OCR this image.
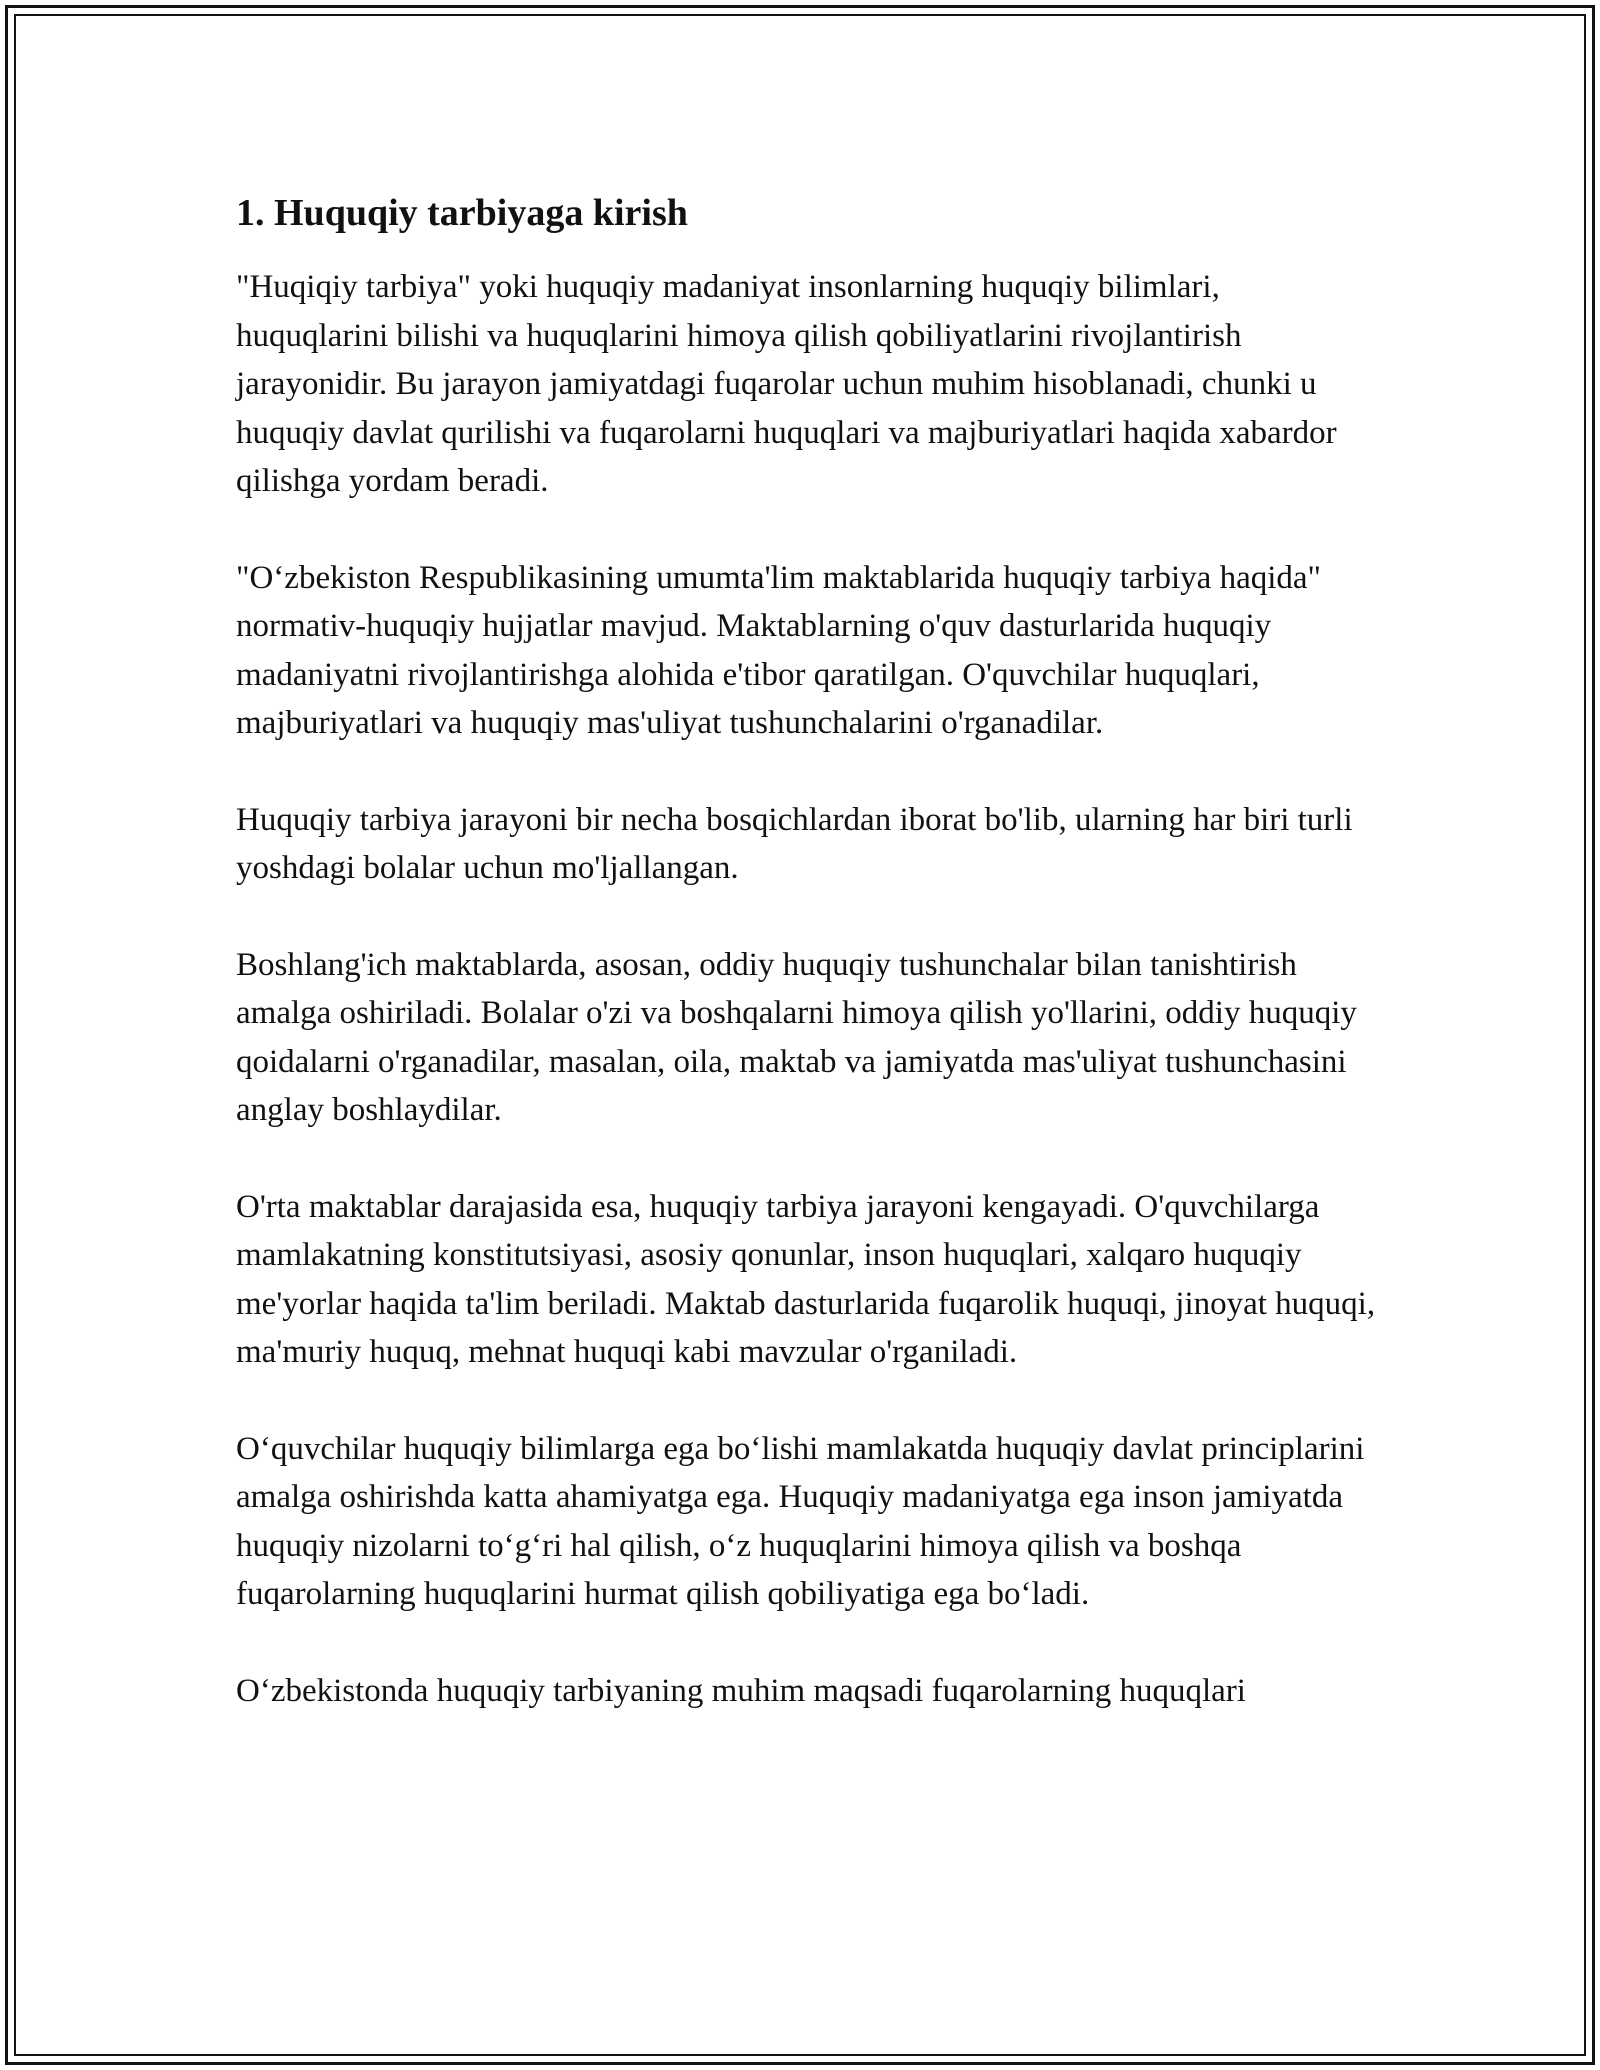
1. Huquqiy tarbiyaga kirish

"Huqiqiy tarbiya" yoki huquqiy madaniyat insonlarning huquqiy bilimlari, huquqlarini bilishi va huquqlarini himoya qilish qobiliyatlarini rivojlantirish jarayonidir. Bu jarayon jamiyatdagi fuqarolar uchun muhim hisoblanadi, chunki u huquqiy davlat qurilishi va fuqarolarni huquqlari va majburiyatlari haqida xabardor qilishga yordam beradi.

"O‘zbekiston Respublikasining umumta'lim maktablarida huquqiy tarbiya haqida" normativ-huquqiy hujjatlar mavjud. Maktablarning o'quv dasturlarida huquqiy madaniyatni rivojlantirishga alohida e'tibor qaratilgan. O'quvchilar huquqlari, majburiyatlari va huquqiy mas'uliyat tushunchalarini o'rganadilar.

Huquqiy tarbiya jarayoni bir necha bosqichlardan iborat bo'lib, ularning har biri turli yoshdagi bolalar uchun mo'ljallangan.

Boshlang'ich maktablarda, asosan, oddiy huquqiy tushunchalar bilan tanishtirish amalga oshiriladi. Bolalar o'zi va boshqalarni himoya qilish yo'llarini, oddiy huquqiy qoidalarni o'rganadilar, masalan, oila, maktab va jamiyatda mas'uliyat tushunchasini anglay boshlaydilar.

O'rta maktablar darajasida esa, huquqiy tarbiya jarayoni kengayadi. O'quvchilarga mamlakatning konstitutsiyasi, asosiy qonunlar, inson huquqlari, xalqaro huquqiy me'yorlar haqida ta'lim beriladi. Maktab dasturlarida fuqarolik huquqi, jinoyat huquqi, ma'muriy huquq, mehnat huquqi kabi mavzular o'rganiladi.

O‘quvchilar huquqiy bilimlarga ega bo‘lishi mamlakatda huquqiy davlat principlarini amalga oshirishda katta ahamiyatga ega. Huquqiy madaniyatga ega inson jamiyatda huquqiy nizolarni to‘g‘ri hal qilish, o‘z huquqlarini himoya qilish va boshqa fuqarolarning huquqlarini hurmat qilish qobiliyatiga ega bo‘ladi.

O‘zbekistonda huquqiy tarbiyaning muhim maqsadi fuqarolarning huquqlari
